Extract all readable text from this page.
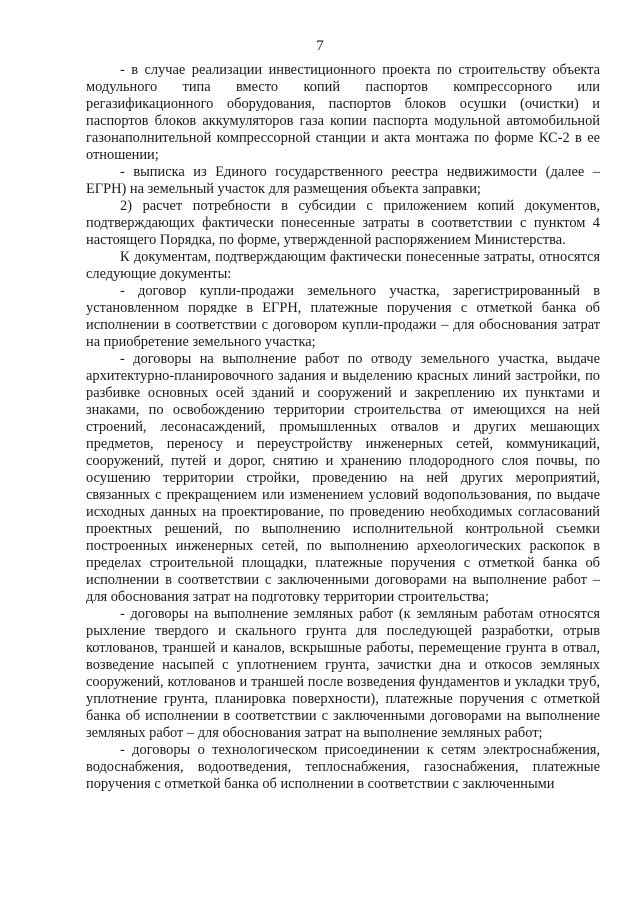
7

- в случае реализации инвестиционного проекта по строительству объекта модульного типа вместо копий паспортов компрессорного или регазификационного оборудования, паспортов блоков осушки (очистки) и паспортов блоков аккумуляторов газа копии паспорта модульной автомобильной газонаполнительной компрессорной станции и акта монтажа по форме КС-2 в ее отношении;

- выписка из Единого государственного реестра недвижимости (далее – ЕГРН) на земельный участок для размещения объекта заправки;

2) расчет потребности в субсидии с приложением копий документов, подтверждающих фактически понесенные затраты в соответствии с пунктом 4 настоящего Порядка, по форме, утвержденной распоряжением Министерства.

К документам, подтверждающим фактически понесенные затраты, относятся следующие документы:

- договор купли-продажи земельного участка, зарегистрированный в установленном порядке в ЕГРН, платежные поручения с отметкой банка об исполнении в соответствии с договором купли-продажи – для обоснования затрат на приобретение земельного участка;

- договоры на выполнение работ по отводу земельного участка, выдаче архитектурно-планировочного задания и выделению красных линий застройки, по разбивке основных осей зданий и сооружений и закреплению их пунктами и знаками, по освобождению территории строительства от имеющихся на ней строений, лесонасаждений, промышленных отвалов и других мешающих предметов, переносу и переустройству инженерных сетей, коммуникаций, сооружений, путей и дорог, снятию и хранению плодородного слоя почвы, по осушению территории стройки, проведению на ней других мероприятий, связанных с прекращением или изменением условий водопользования, по выдаче исходных данных на проектирование, по проведению необходимых согласований проектных решений, по выполнению исполнительной контрольной съемки построенных инженерных сетей, по выполнению археологических раскопок в пределах строительной площадки, платежные поручения с отметкой банка об исполнении в соответствии с заключенными договорами на выполнение работ – для обоснования затрат на подготовку территории строительства;

- договоры на выполнение земляных работ (к земляным работам относятся рыхление твердого и скального грунта для последующей разработки, отрыв котлованов, траншей и каналов, вскрышные работы, перемещение грунта в отвал, возведение насыпей с уплотнением грунта, зачистки дна и откосов земляных сооружений, котлованов и траншей после возведения фундаментов и укладки труб, уплотнение грунта, планировка поверхности), платежные поручения с отметкой банка об исполнении в соответствии с заключенными договорами на выполнение земляных работ – для обоснования затрат на выполнение земляных работ;

- договоры о технологическом присоединении к сетям электроснабжения, водоснабжения, водоотведения, теплоснабжения, газоснабжения, платежные поручения с отметкой банка об исполнении в соответствии с заключенными
